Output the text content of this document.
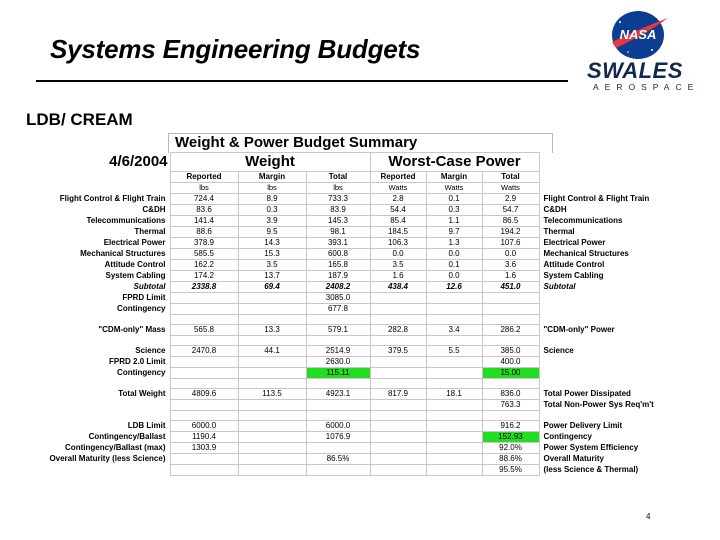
Systems Engineering Budgets	NASA
SWALES
AEROSPACE
LDB/ CREAM
Weight & Power Budget Summary
4/6/2004	Weight			Worst-Case Power			
	Reported	Margin	Total	Reported	Margin	Total	
	lbs	lbs	lbs	Watts	Watts	Watts	
Flight Control & Flight Train	724.4	8.9	733.3	2.8	0.1	2.9	Flight Control & Flight Train
C&DH	83.6	0.3	83.9	54.4	0.3	54.7	C&DH
Telecommunications	141.4	3.9	145.3	85.4	1.1	86.5	Telecommunications
Thermal	88.6	9.5	98.1	184.5	9.7	194.2	Thermal
Electrical Power	378.9	14.3	393.1	106.3	1.3	107.6	Electrical Power
Mechanical Structures	585.5	15.3	600.8	0.0	0.0	0.0	Mechanical Structures
Attitude Control	162.2	3.5	165.8	3.5	0.1	3.6	Attitude Control
System Cabling	174.2	13.7	187.9	1.6	0.0	1.6	System Cabling
Subtotal	2338.8	69.4	2408.2	438.4	12.6	451.0	Subtotal
FPRD Limit			3085.0				
Contingency			677.8				

"CDM-only" Mass	565.8	13.3	579.1	282.8	3.4	286.2	"CDM-only" Power

Science	2470.8	44.1	2514.9	379.5	5.5	385.0	Science
FPRD 2.0 Limit			2630.0			400.0	
Contingency			115.11			15.00	

Total Weight	4809.6	113.5	4923.1	817.9	18.1	836.0	Total Power Dissipated
						763.3	Total Non-Power Sys Req'm't

LDB Limit	6000.0		6000.0			916.2	Power Delivery Limit
Contingency/Ballast	1190.4		1076.9			152.93	Contingency
Contingency/Ballast (max)	1303.9					92.0%	Power System Efficiency
Overall Maturity (less Science)			86.5%			88.6%	Overall Maturity
						95.5%	(less Science & Thermal)
4
